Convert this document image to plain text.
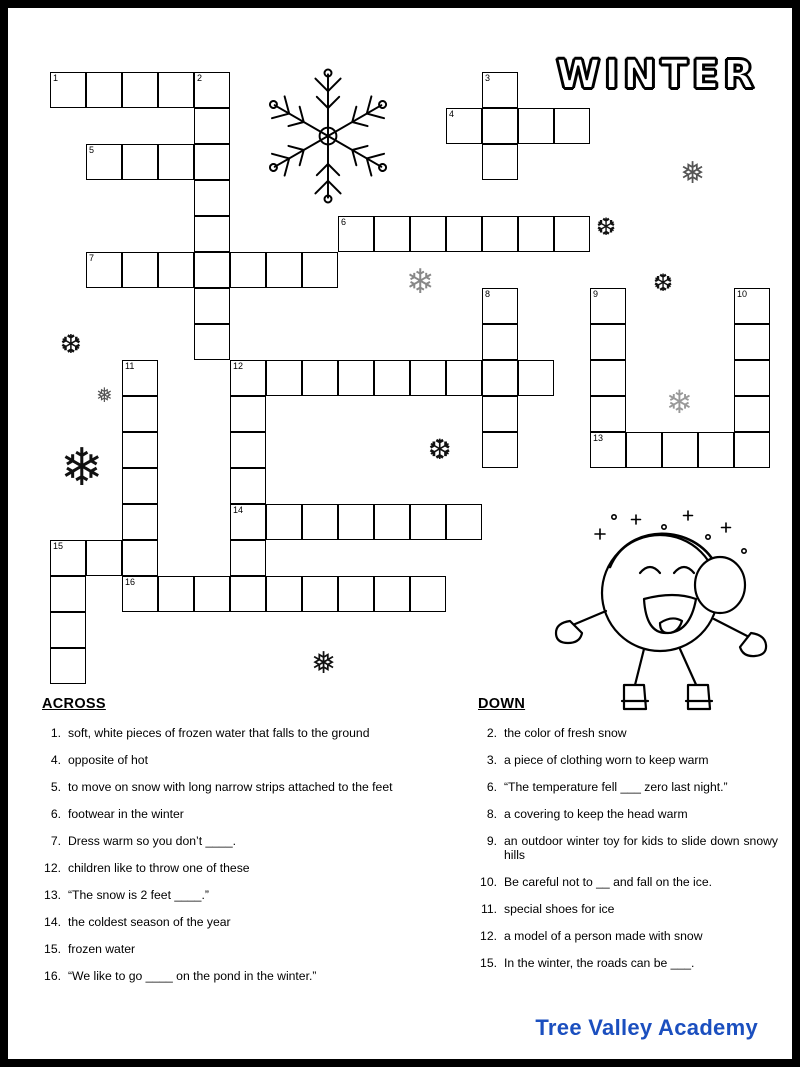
WINTER
1	2	3
4
5
6
7
8	9
13
10
11	12
14
15
16
❅
❆
❆
❅
❄
❆
❆
❄
❄
❅
ACROSS
1. soft, white pieces of frozen water that falls to the ground
4. opposite of hot
5. to move on snow with long narrow strips attached to the feet
6. footwear in the winter
7. Dress warm so you don’t ____.
12. children like to throw one of these
13. “The snow is 2 feet ____.”
14. the coldest season of the year
15. frozen water
16. “We like to go ____ on the pond in the winter.”
DOWN
2. the color of fresh snow
3. a piece of clothing worn to keep warm
6. “The temperature fell ___ zero last night.”
8. a covering to keep the head warm
9. an outdoor winter toy for kids to slide down snowy hills
10. Be careful not to __ and fall on the ice.
11. special shoes for ice
12. a model of a person made with snow
15. In the winter, the roads can be ___.
Tree Valley Academy
